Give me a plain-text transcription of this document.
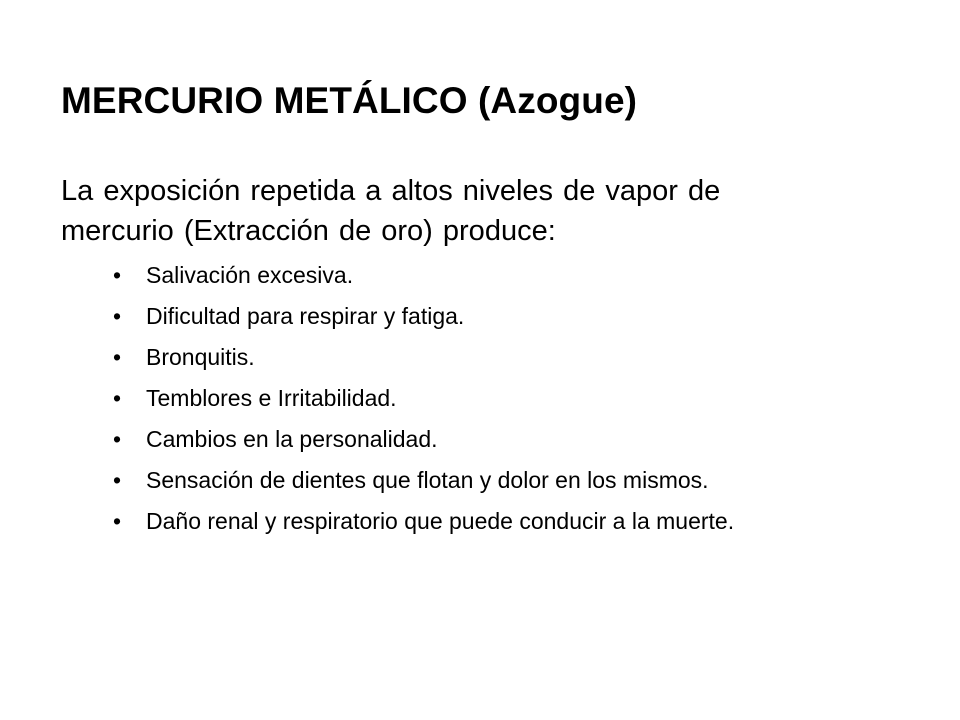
MERCURIO METÁLICO (Azogue)

La exposición repetida a altos niveles de vapor de mercurio (Extracción de oro) produce:

• Salivación excesiva.
• Dificultad para respirar y fatiga.
• Bronquitis.
• Temblores e Irritabilidad.
• Cambios en la personalidad.
• Sensación de dientes que flotan y dolor en los mismos.
• Daño renal y respiratorio que puede conducir a la muerte.
